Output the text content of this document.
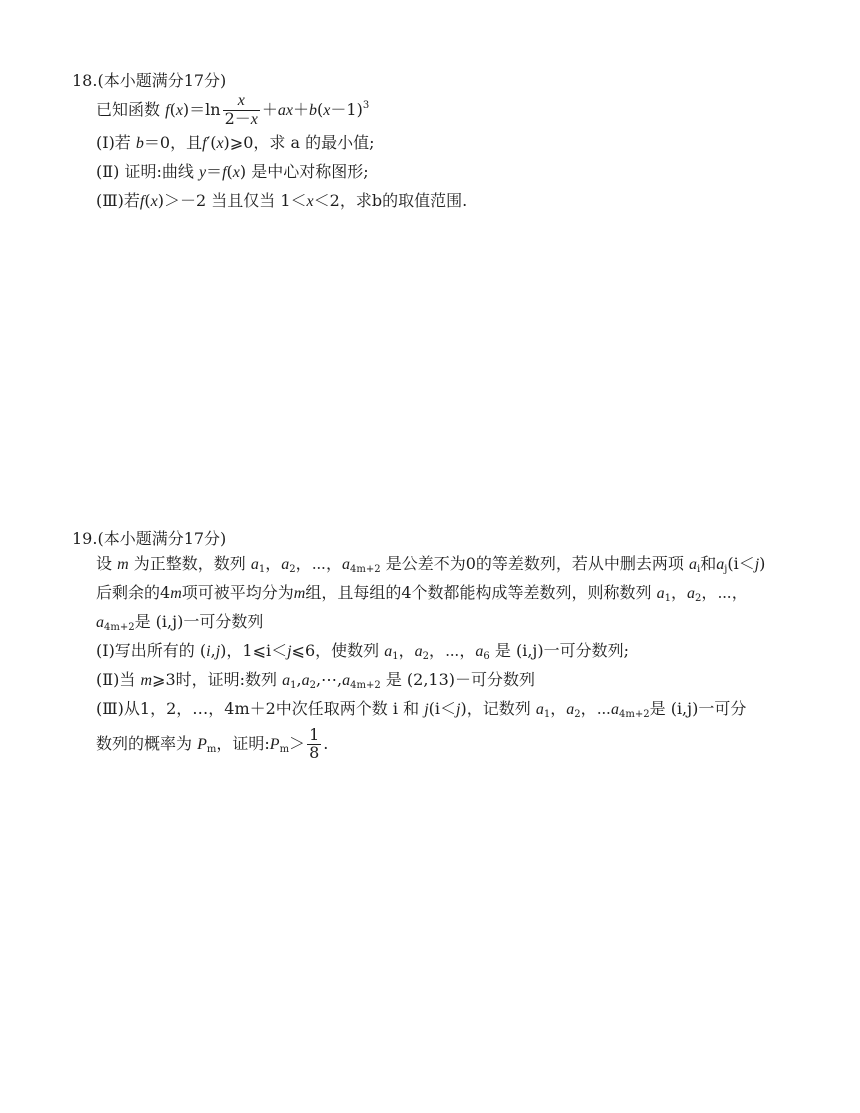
18.(本小题满分17分)
已知函数 $f(x)=\ln \frac{x}{2-x} +ax+b(x-1)^3$
(Ⅰ)若 b＝0，且f′(x)⩾0，求 a 的最小值;
(Ⅱ) 证明:曲线 y＝f(x) 是中心对称图形;
(Ⅲ)若f(x)＞－2 当且仅当 1＜x＜2，求b的取值范围.
19.(本小题满分17分)
设 m 为正整数，数列 $a_1$，$a_2$，⋯，$a_{4m+2}$ 是公差不为0的等差数列，若从中删去两项 $a_i$和$a_j(i<j)$
后剩余的4m项可被平均分为m组，且每组的4个数都能构成等差数列，则称数列 $a_1$，$a_2$，⋯，
$a_{4m+2}$是 (i,j)一可分数列
(Ⅰ)写出所有的 (i,j)，1⩽i＜j⩽6，使数列 $a_1$，$a_2$，⋯，$a_6$ 是 (i,j)一可分数列;
(Ⅱ)当 m⩾3时，证明:数列 $a_1,a_2,\cdots,a_{4m+2}$ 是 (2,13)－可分数列
(Ⅲ)从1，2，…，4m＋2中次任取两个数 i 和 j(i＜j)，记数列 $a_1$，$a_2$，$\cdots a_{4m+2}$是 (i,j)一可分
数列的概率为 $P_m$，证明$:P_m> \frac{1}{8}$ .
